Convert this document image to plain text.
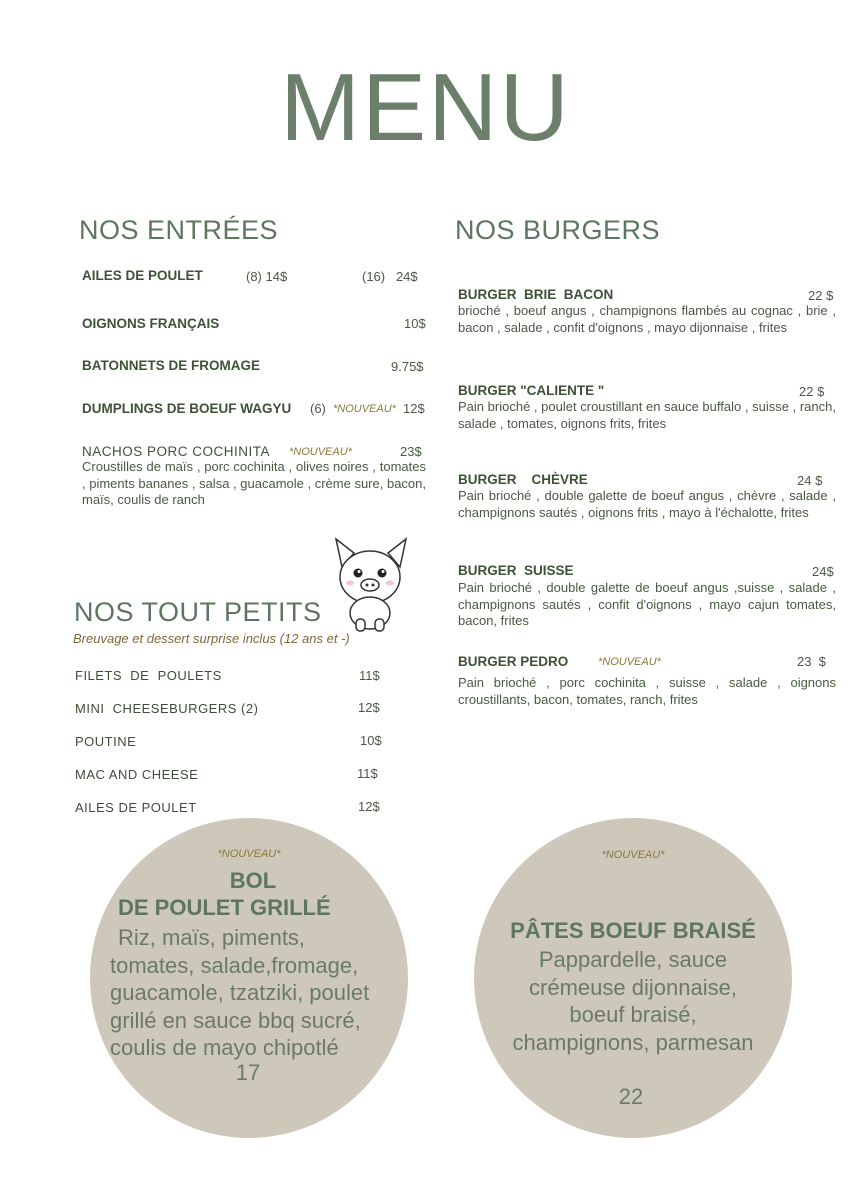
MENU
NOS ENTRÉES
AILES DE POULET	(8) 14$	(16)   24$
OIGNONS FRANÇAIS	10$
BATONNETS DE FROMAGE	9.75$
DUMPLINGS DE BOEUF WAGYU (6) *NOUVEAU* 12$
NACHOS PORC COCHINITA *NOUVEAU*	23$
Croustilles de maïs , porc cochinita , olives noires , tomates , piments bananes , salsa , guacamole , crème sure, bacon, maïs, coulis de ranch
NOS TOUT PETITS
Breuvage et dessert surprise inclus (12 ans et -)
FILETS  DE  POULETS	11$
MINI  CHEESEBURGERS (2)	12$
POUTINE	10$
MAC AND CHEESE	11$
AILES DE POULET	12$
NOS BURGERS
BURGER  BRIE  BACON	22 $
brioché , boeuf angus , champignons flambés au cognac , brie , bacon , salade , confit d'oignons , mayo dijonnaise , frites
BURGER "CALIENTE "	22 $
Pain brioché , poulet croustillant en sauce buffalo , suisse , ranch, salade , tomates, oignons frits, frites
BURGER    CHÈVRE	24 $
Pain brioché , double galette de boeuf angus , chèvre , salade , champignons sautés , oignons frits , mayo à l'échalotte, frites
BURGER  SUISSE	24$
Pain brioché , double galette de boeuf angus ,suisse , salade , champignons sautés , confit d'oignons , mayo cajun tomates, bacon, frites
BURGER PEDRO	*NOUVEAU*	23  $
Pain brioché , porc cochinita , suisse , salade , oignons croustillants, bacon, tomates, ranch, frites
*NOUVEAU*
BOL
DE POULET GRILLÉ
Riz, maïs, piments,
tomates, salade,fromage,
guacamole, tzatziki, poulet
grillé en sauce bbq sucré,
coulis de mayo chipotlé
17
*NOUVEAU*
PÂTES BOEUF BRAISÉ
Pappardelle, sauce
crémeuse dijonnaise,
boeuf braisé,
champignons, parmesan
22
